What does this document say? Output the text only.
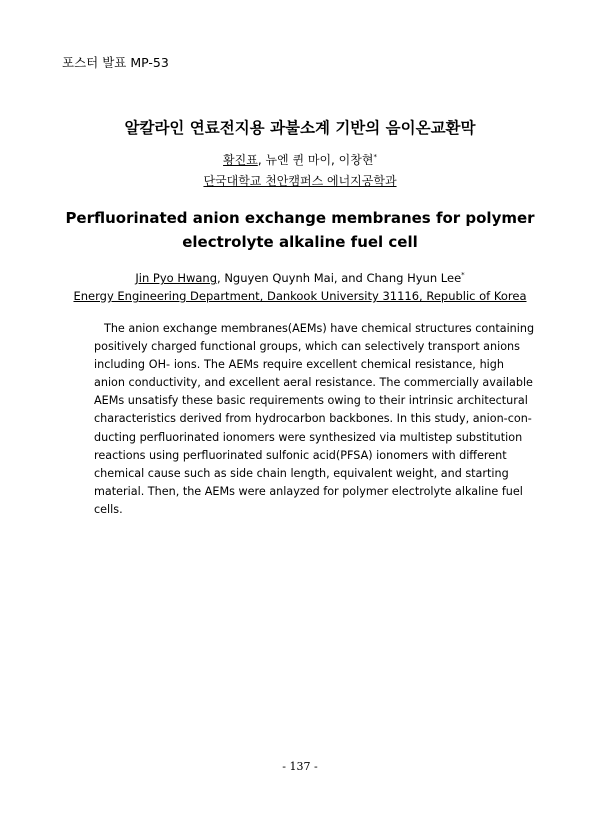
포스터 발표 MP-53
알칼라인 연료전지용 과불소계 기반의 음이온교환막
황진표, 뉴엔 퀸 마이, 이창현*
단국대학교 천안캠퍼스 에너지공학과
Perfluorinated anion exchange membranes for polymer
electrolyte alkaline fuel cell
Jin Pyo Hwang, Nguyen Quynh Mai, and Chang Hyun Lee*
Energy Engineering Department, Dankook University 31116, Republic of Korea
The anion exchange membranes(AEMs) have chemical structures containing
positively charged functional groups, which can selectively transport anions
including OH- ions. The AEMs require excellent chemical resistance, high
anion conductivity, and excellent aeral resistance. The commercially available
AEMs unsatisfy these basic requirements owing to their intrinsic architectural
characteristics derived from hydrocarbon backbones. In this study, anion-con-
ducting perfluorinated ionomers were synthesized via multistep substitution
reactions using perfluorinated sulfonic acid(PFSA) ionomers with different
chemical cause such as side chain length, equivalent weight, and starting
material. Then, the AEMs were anlayzed for polymer electrolyte alkaline fuel
cells.
- 137 -
